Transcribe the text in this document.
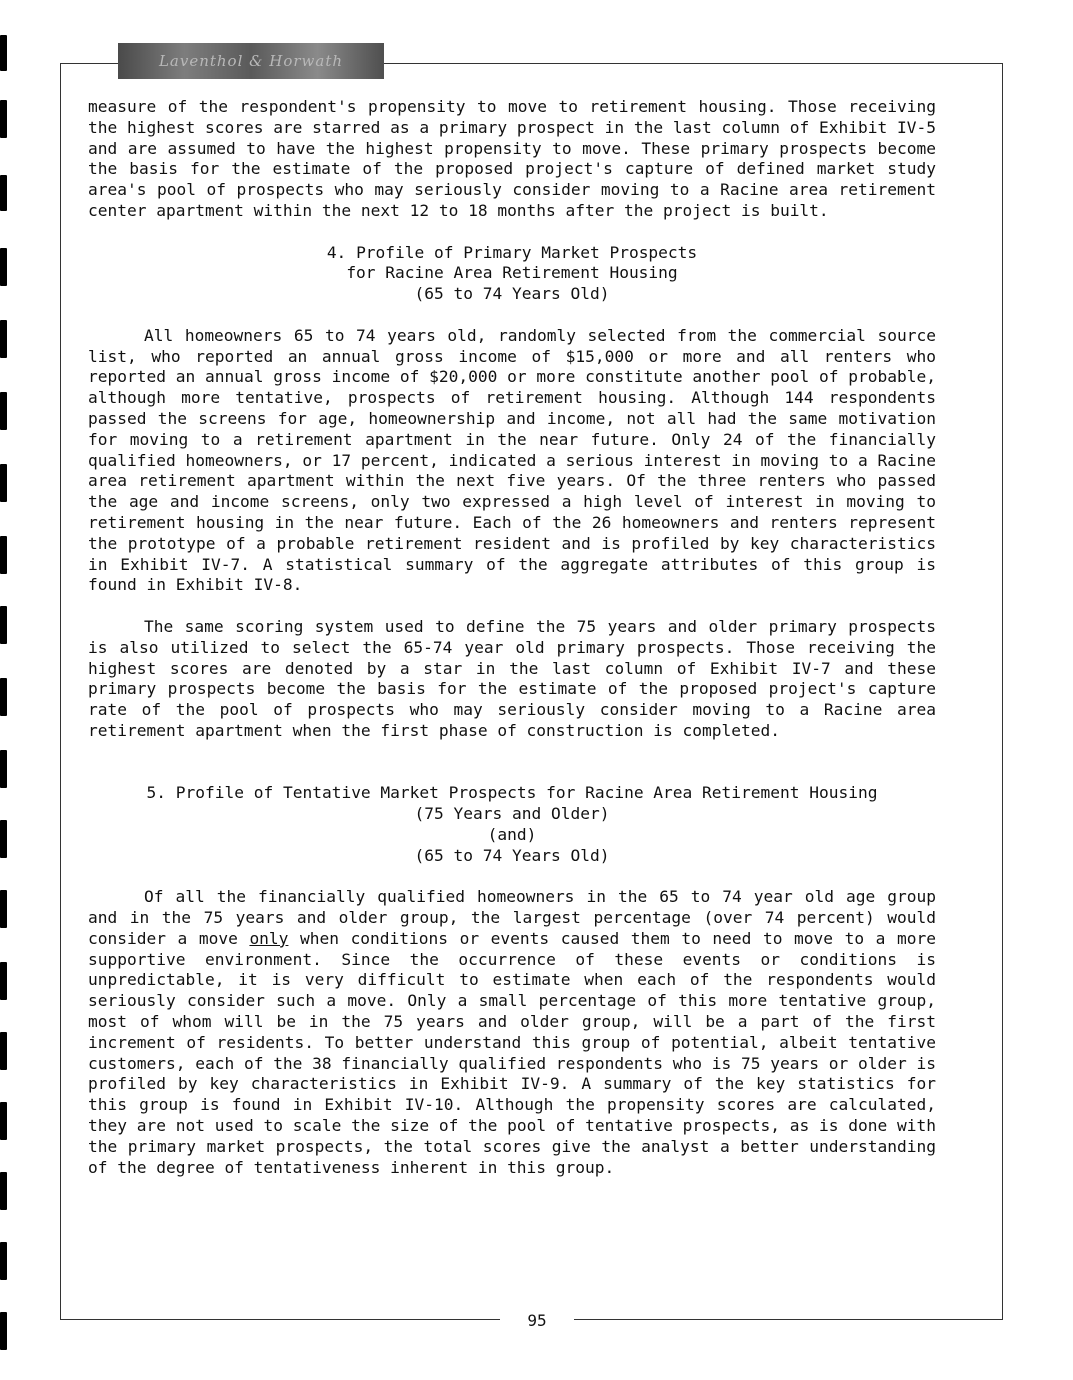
Laventhol & Horwath

measure of the respondent's propensity to move to retirement housing. Those receiving the highest scores are starred as a primary prospect in the last column of Exhibit IV-5 and are assumed to have the highest propensity to move. These primary prospects become the basis for the estimate of the proposed project's capture of defined market study area's pool of prospects who may seriously consider moving to a Racine area retirement center apartment within the next 12 to 18 months after the project is built.

4. Profile of Primary Market Prospects

for Racine Area Retirement Housing

(65 to 74 Years Old)

All homeowners 65 to 74 years old, randomly selected from the commercial source list, who reported an annual gross income of $15,000 or more and all renters who reported an annual gross income of $20,000 or more constitute another pool of probable, although more tentative, prospects of retirement housing. Although 144 respondents passed the screens for age, homeownership and income, not all had the same motivation for moving to a retirement apartment in the near future. Only 24 of the financially qualified homeowners, or 17 percent, indicated a serious interest in moving to a Racine area retirement apartment within the next five years. Of the three renters who passed the age and income screens, only two expressed a high level of interest in moving to retirement housing in the near future. Each of the 26 homeowners and renters represent the prototype of a probable retirement resident and is profiled by key characteristics in Exhibit IV-7. A statistical summary of the aggregate attributes of this group is found in Exhibit IV-8.

The same scoring system used to define the 75 years and older primary prospects is also utilized to select the 65-74 year old primary prospects. Those receiving the highest scores are denoted by a star in the last column of Exhibit IV-7 and these primary prospects become the basis for the estimate of the proposed project's capture rate of the pool of prospects who may seriously consider moving to a Racine area retirement apartment when the first phase of construction is completed.

5. Profile of Tentative Market Prospects for Racine Area Retirement Housing

(75 Years and Older)

(and)

(65 to 74 Years Old)

Of all the financially qualified homeowners in the 65 to 74 year old age group and in the 75 years and older group, the largest percentage (over 74 percent) would consider a move only when conditions or events caused them to need to move to a more supportive environment. Since the occurrence of these events or conditions is unpredictable, it is very difficult to estimate when each of the respondents would seriously consider such a move. Only a small percentage of this more tentative group, most of whom will be in the 75 years and older group, will be a part of the first increment of residents. To better understand this group of potential, albeit tentative customers, each of the 38 financially qualified respondents who is 75 years or older is profiled by key characteristics in Exhibit IV-9. A summary of the key statistics for this group is found in Exhibit IV-10. Although the propensity scores are calculated, they are not used to scale the size of the pool of tentative prospects, as is done with the primary market prospects, the total scores give the analyst a better understanding of the degree of tentativeness inherent in this group.

95
